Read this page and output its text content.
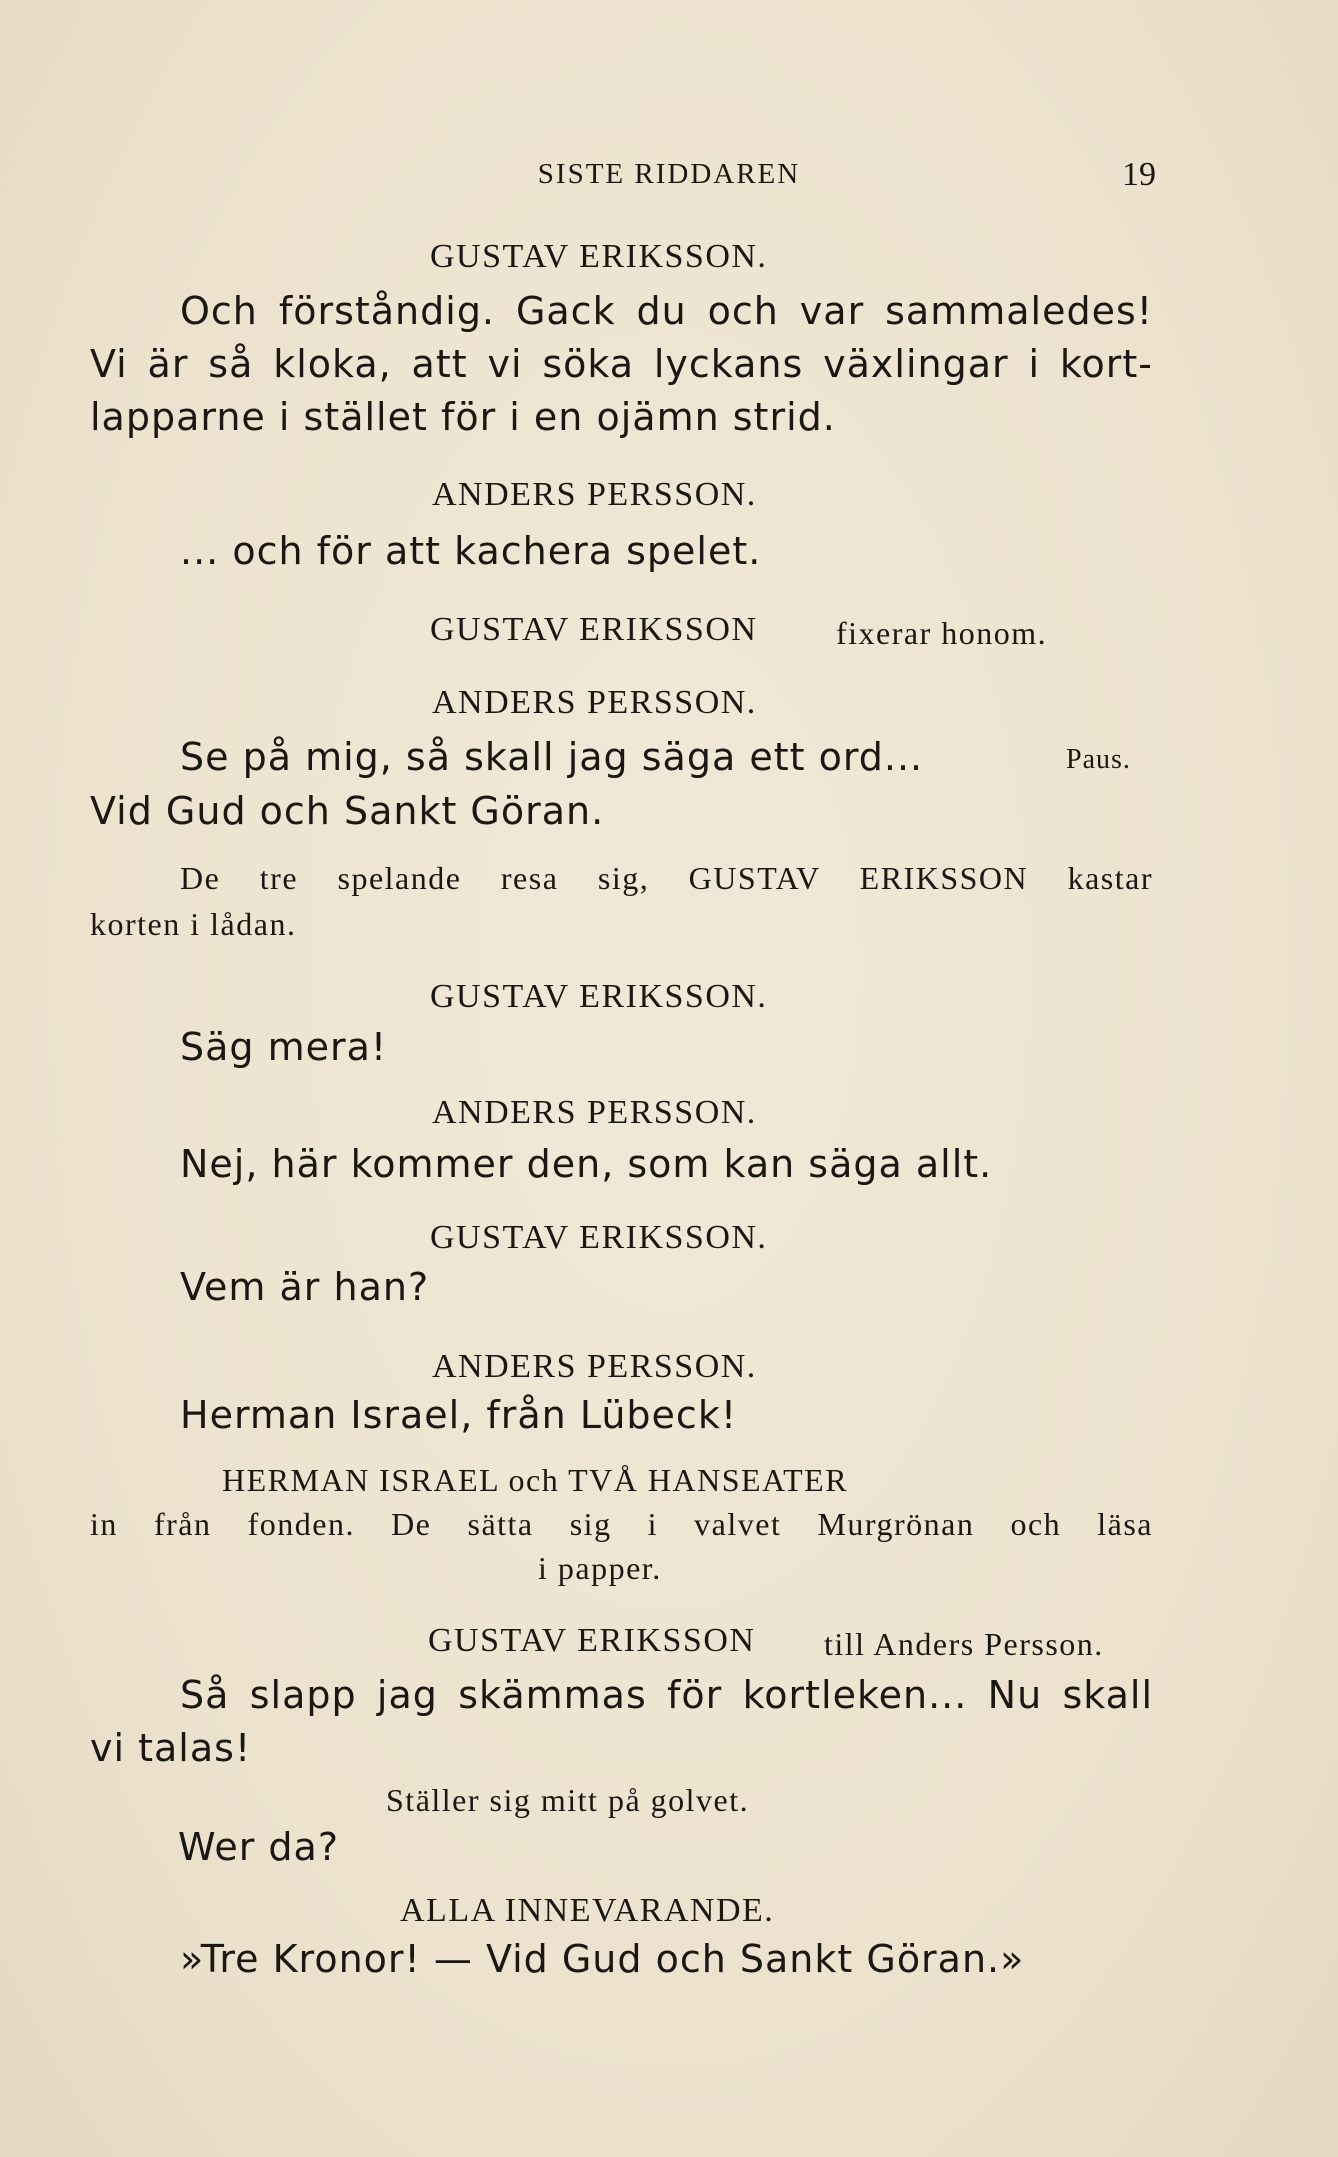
SISTE RIDDAREN	19
GUSTAV ERIKSSON.
Och förståndig. Gack du och var sammaledes!
Vi är så kloka, att vi söka lyckans växlingar i kort-
lapparne i stället för i en ojämn strid.
ANDERS PERSSON.
... och för att kachera spelet.
GUSTAV ERIKSSON fixerar honom.
ANDERS PERSSON.
Se på mig, så skall jag säga ett ord...	Paus.
Vid Gud och Sankt Göran.
De tre spelande resa sig, GUSTAV ERIKSSON kastar
korten i lådan.
GUSTAV ERIKSSON.
Säg mera!
ANDERS PERSSON.
Nej, här kommer den, som kan säga allt.
GUSTAV ERIKSSON.
Vem är han?
ANDERS PERSSON.
Herman Israel, från Lübeck!
HERMAN ISRAEL och TVÅ HANSEATER
in från fonden. De sätta sig i valvet Murgrönan och läsa
i papper.
GUSTAV ERIKSSON till Anders Persson.
Så slapp jag skämmas för kortleken... Nu skall
vi talas!
Ställer sig mitt på golvet.
Wer da?
ALLA INNEVARANDE.
»Tre Kronor! — Vid Gud och Sankt Göran.»
